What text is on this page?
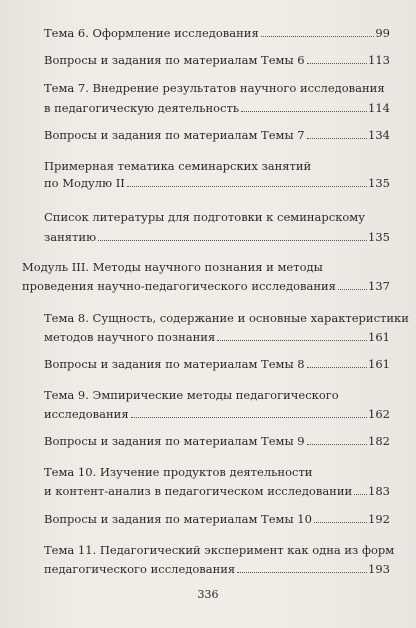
Тема 6. Оформление исследования	99
Вопросы и задания по материалам Темы 6	113
Тема 7. Внедрение результатов научного исследования
в педагогическую деятельность	114
Вопросы и задания по материалам Темы 7	134
Примерная тематика семинарских занятий
по Модулю II	135
Список литературы для подготовки к семинарскому
занятию	135
Модуль III. Методы научного познания и методы
проведения научно-педагогического исследования	137
Тема 8. Сущность, содержание и основные характеристики
методов научного познания	161
Вопросы и задания по материалам Темы 8	161
Тема 9. Эмпирические методы педагогического
исследования	162
Вопросы и задания по материалам Темы 9	182
Тема 10. Изучение продуктов деятельности
и контент-анализ в педагогическом исследовании 183
Вопросы и задания по материалам Темы 10	192
Тема 11. Педагогический эксперимент как одна из форм
педагогического исследования	193
336
